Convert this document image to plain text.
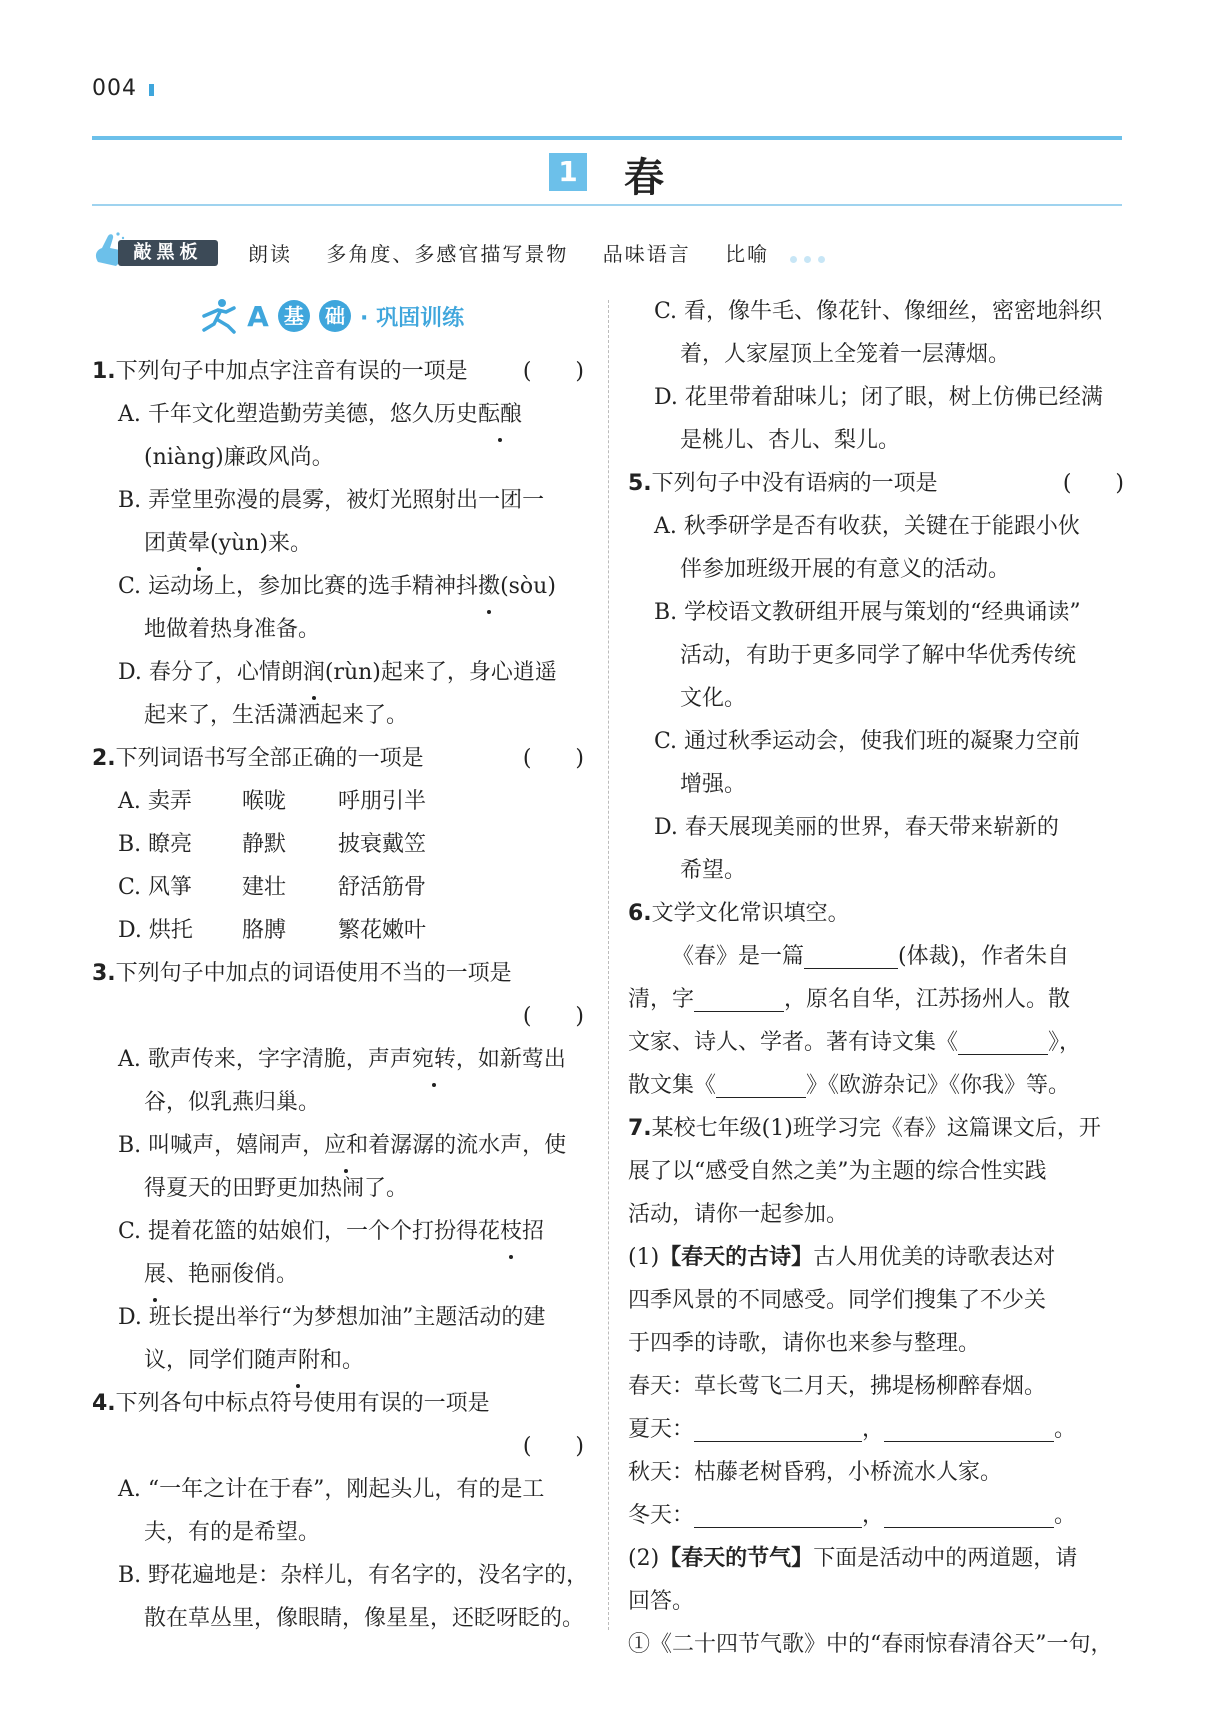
004
1 春
敲黑板	朗读 多角度、多感官描写景物 品味语言 比喻
A 基 础 · 巩固训练
1.下列句子中加点字注音有误的一项是	(　　)
A. 千年文化塑造勤劳美德，悠久历史酝酿
(niàng)廉政风尚。
B. 弄堂里弥漫的晨雾，被灯光照射出一团一
团黄晕(yùn)来。
C. 运动场上，参加比赛的选手精神抖擞(sòu)
地做着热身准备。
D. 春分了，心情朗润(rùn)起来了，身心逍遥
起来了，生活潇洒起来了。
2.下列词语书写全部正确的一项是	(　　)
A. 卖弄 喉咙 呼朋引半
B. 瞭亮 静默 披衰戴笠
C. 风箏 建壮 舒活筋骨
D. 烘托 胳膊 繁花嫩叶
3.下列句子中加点的词语使用不当的一项是
(　　)
A. 歌声传来，字字清脆，声声宛转，如新莺出
谷，似乳燕归巢。
B. 叫喊声，嬉闹声，应和着潺潺的流水声，使
得夏天的田野更加热闹了。
C. 提着花篮的姑娘们，一个个打扮得花枝招
展、艳丽俊俏。
D. 班长提出举行“为梦想加油”主题活动的建
议，同学们随声附和。
4.下列各句中标点符号使用有误的一项是
(　　)
A. “一年之计在于春”，刚起头儿，有的是工
夫，有的是希望。
B. 野花遍地是：杂样儿，有名字的，没名字的，
散在草丛里，像眼睛，像星星，还眨呀眨的。
C. 看，像牛毛、像花针、像细丝，密密地斜织
着，人家屋顶上全笼着一层薄烟。
D. 花里带着甜味儿；闭了眼，树上仿佛已经满
是桃儿、杏儿、梨儿。
5.下列句子中没有语病的一项是	(　　)
A. 秋季研学是否有收获，关键在于能跟小伙
伴参加班级开展的有意义的活动。
B. 学校语文教研组开展与策划的“经典诵读”
活动，有助于更多同学了解中华优秀传统
文化。
C. 通过秋季运动会，使我们班的凝聚力空前
增强。
D. 春天展现美丽的世界，春天带来崭新的
希望。
6.文学文化常识填空。
《春》是一篇	(体裁)，作者朱自
清，字	，原名自华，江苏扬州人。散
文家、诗人、学者。著有诗文集《	》，
散文集《	》《欧游杂记》《你我》等。
7.某校七年级(1)班学习完《春》这篇课文后，开
展了以“感受自然之美”为主题的综合性实践
活动，请你一起参加。
(1)【春天的古诗】古人用优美的诗歌表达对
四季风景的不同感受。同学们搜集了不少关
于四季的诗歌，请你也来参与整理。
春天：草长莺飞二月天，拂堤杨柳醉春烟。
夏天：	，	。
秋天：枯藤老树昏鸦，小桥流水人家。
冬天：	，	。
(2)【春天的节气】下面是活动中的两道题，请
回答。
①《二十四节气歌》中的“春雨惊春清谷天”一句，
